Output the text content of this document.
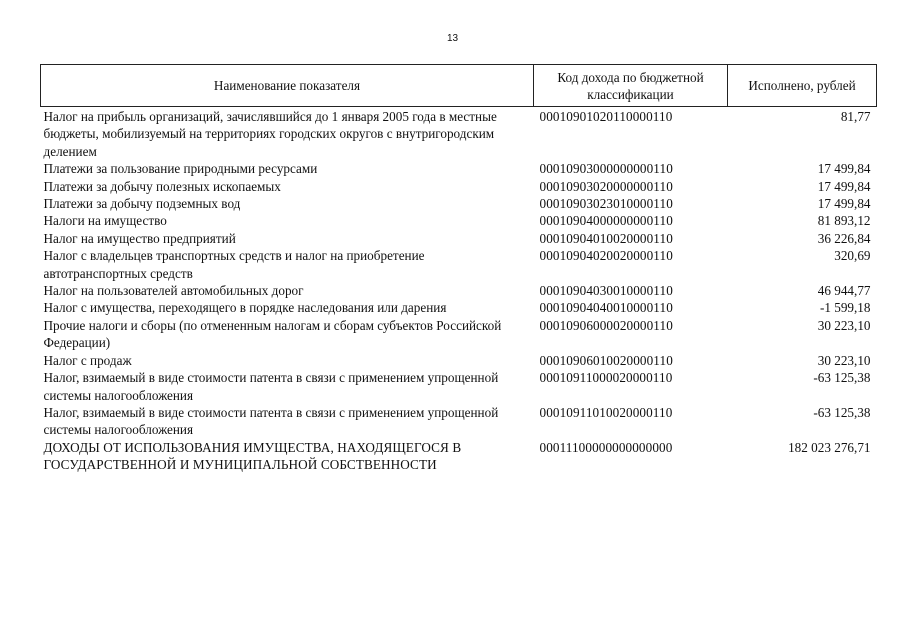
13
Наименование показателя	Код дохода по бюджетной классификации	Исполнено, рублей
Налог на прибыль организаций, зачислявшийся до 1 января 2005 года в местные бюджеты, мобилизуемый на территориях городских округов с внутригородским делением	00010901020110000110	81,77
Платежи за пользование природными ресурсами	00010903000000000110	17 499,84
Платежи за добычу полезных ископаемых	00010903020000000110	17 499,84
Платежи за добычу подземных вод	00010903023010000110	17 499,84
Налоги на имущество	00010904000000000110	81 893,12
Налог на имущество предприятий	00010904010020000110	36 226,84
Налог с владельцев транспортных средств и налог на приобретение автотранспортных средств	00010904020020000110	320,69
Налог на пользователей автомобильных дорог	00010904030010000110	46 944,77
Налог с имущества, переходящего в порядке наследования или дарения	00010904040010000110	-1 599,18
Прочие налоги и сборы (по отмененным налогам и сборам субъектов Российской Федерации)	00010906000020000110	30 223,10
Налог с продаж	00010906010020000110	30 223,10
Налог, взимаемый в виде стоимости патента в связи с применением упрощенной системы налогообложения	00010911000020000110	-63 125,38
Налог, взимаемый в виде стоимости патента в связи с применением упрощенной системы налогообложения	00010911010020000110	-63 125,38
ДОХОДЫ ОТ ИСПОЛЬЗОВАНИЯ ИМУЩЕСТВА, НАХОДЯЩЕГОСЯ В ГОСУДАРСТВЕННОЙ И МУНИЦИПАЛЬНОЙ СОБСТВЕННОСТИ	00011100000000000000	182 023 276,71
